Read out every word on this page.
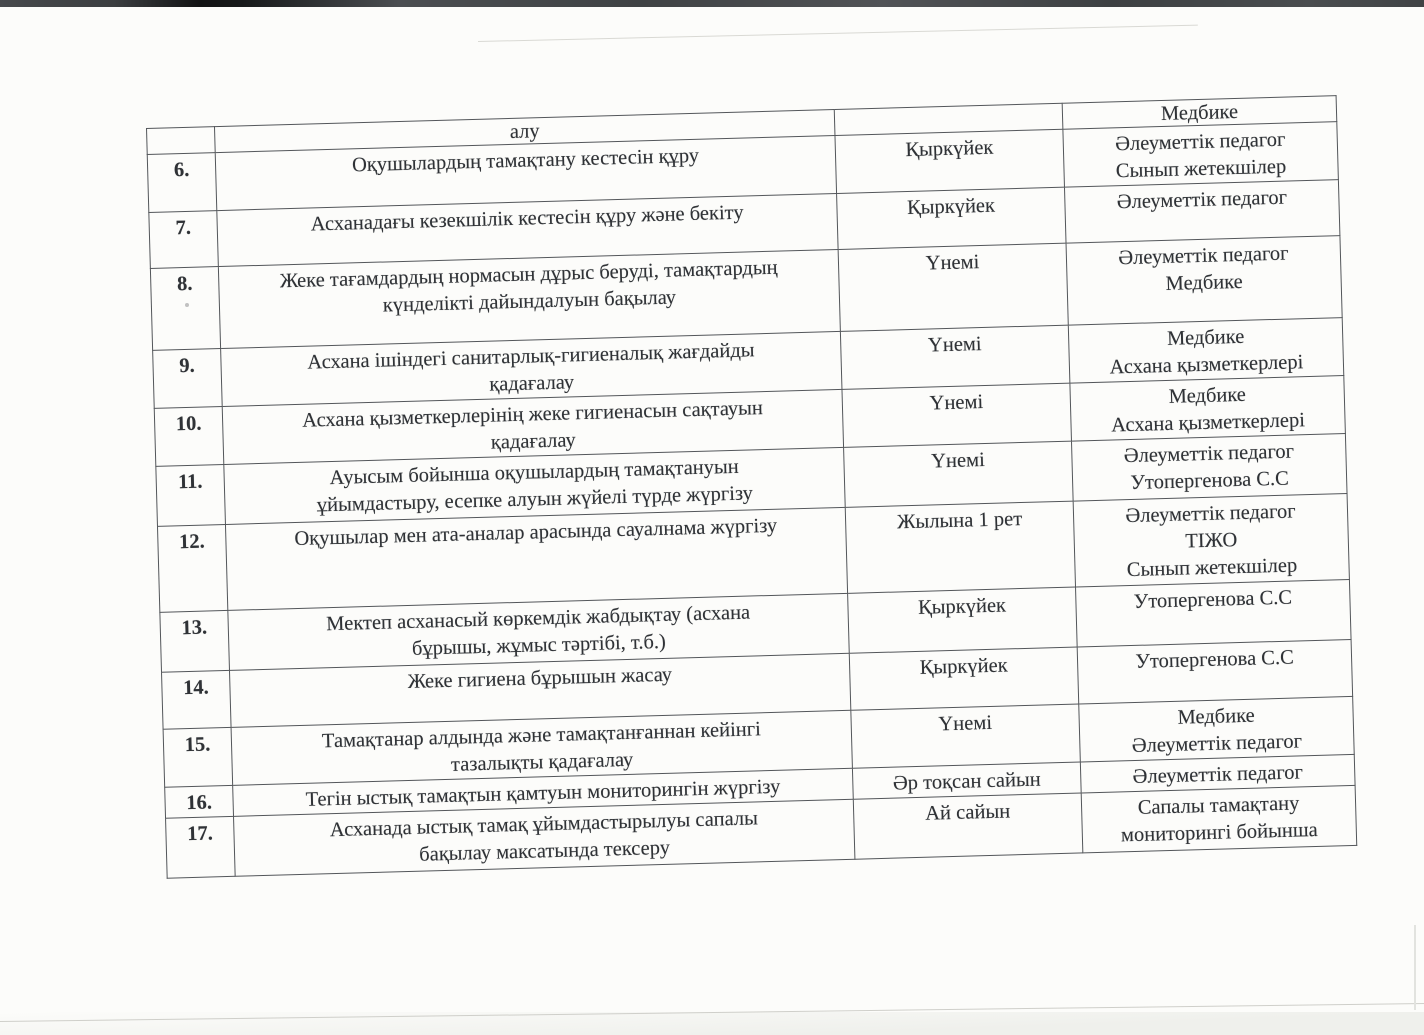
	алу		Медбике
6.	Оқушылардың тамақтану кестесін құру	Қыркүйек	Әлеуметтік педагог
Сынып жетекшілер
7.	Асханадағы кезекшілік кестесін құру және бекіту	Қыркүйек	Әлеуметтік педагог
8.	Жеке тағамдардың нормасын дұрыс беруді, тамақтардың
күнделікті дайындалуын бақылау	Үнемі	Әлеуметтік педагог
Медбике
9.	Асхана ішіндегі санитарлық-гигиеналық жағдайды
қадағалау	Үнемі	Медбике
Асхана қызметкерлері
10.	Асхана қызметкерлерінің жеке гигиенасын сақтауын
қадағалау	Үнемі	Медбике
Асхана қызметкерлері
11.	Ауысым бойынша оқушылардың тамақтануын
ұйымдастыру, есепке алуын жүйелі түрде жүргізу	Үнемі	Әлеуметтік педагог
Утопергенова С.С
12.	Оқушылар мен ата-аналар арасында сауалнама жүргізу	Жылына 1 рет	Әлеуметтік педагог
ТІЖО
Сынып жетекшілер
13.	Мектеп асханасый көркемдік жабдықтау (асхана
бұрышы, жұмыс тәртібі, т.б.)	Қыркүйек	Утопергенова С.С
14.	Жеке гигиена бұрышын жасау	Қыркүйек	Утопергенова С.С
15.	Тамақтанар алдында және тамақтанғаннан кейінгі
тазалықты қадағалау	Үнемі	Медбике
Әлеуметтік педагог
16.	Тегін ыстық тамақтын қамтуын мониторингін жүргізу	Әр тоқсан сайын	Әлеуметтік педагог
17.	Асханада ыстық тамақ ұйымдастырылуы сапалы
бақылау максатында тексеру	Ай сайын	Сапалы тамақтану
мониторингі бойынша
